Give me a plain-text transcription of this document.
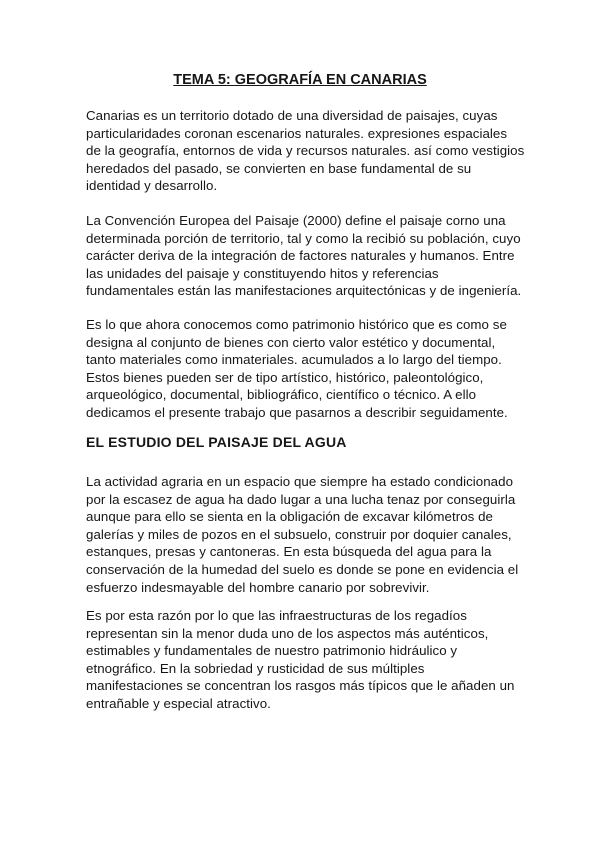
TEMA 5: GEOGRAFÍA EN CANARIAS

Canarias es un territorio dotado de una diversidad de paisajes, cuyas
particularidades coronan escenarios naturales. expresiones espaciales
de la geografía, entornos de vida y recursos naturales. así como vestigios
heredados del pasado, se convierten en base fundamental de su
identidad y desarrollo.

La Convención Europea del Paisaje (2000) define el paisaje corno una
determinada porción de territorio, tal y como la recibió su población, cuyo
carácter deriva de la integración de factores naturales y humanos. Entre
las unidades del paisaje y constituyendo hitos y referencias
fundamentales están las manifestaciones arquitectónicas y de ingeniería.

Es lo que ahora conocemos como patrimonio histórico que es como se
designa al conjunto de bienes con cierto valor estético y documental,
tanto materiales como inmateriales. acumulados a lo largo del tiempo.
Estos bienes pueden ser de tipo artístico, histórico, paleontológico,
arqueológico, documental, bibliográfico, científico o técnico. A ello
dedicamos el presente trabajo que pasarnos a describir seguidamente.

EL ESTUDIO DEL PAISAJE DEL AGUA

La actividad agraria en un espacio que siempre ha estado condicionado
por la escasez de agua ha dado lugar a una lucha tenaz por conseguirla
aunque para ello se sienta en la obligación de excavar kilómetros de
galerías y miles de pozos en el subsuelo, construir por doquier canales,
estanques, presas y cantoneras. En esta búsqueda del agua para la
conservación de la humedad del suelo es donde se pone en evidencia el
esfuerzo indesmayable del hombre canario por sobrevivir.

Es por esta razón por lo que las infraestructuras de los regadíos
representan sin la menor duda uno de los aspectos más auténticos,
estimables y fundamentales de nuestro patrimonio hidráulico y
etnográfico. En la sobriedad y rusticidad de sus múltiples
manifestaciones se concentran los rasgos más típicos que le añaden un
entrañable y especial atractivo.
